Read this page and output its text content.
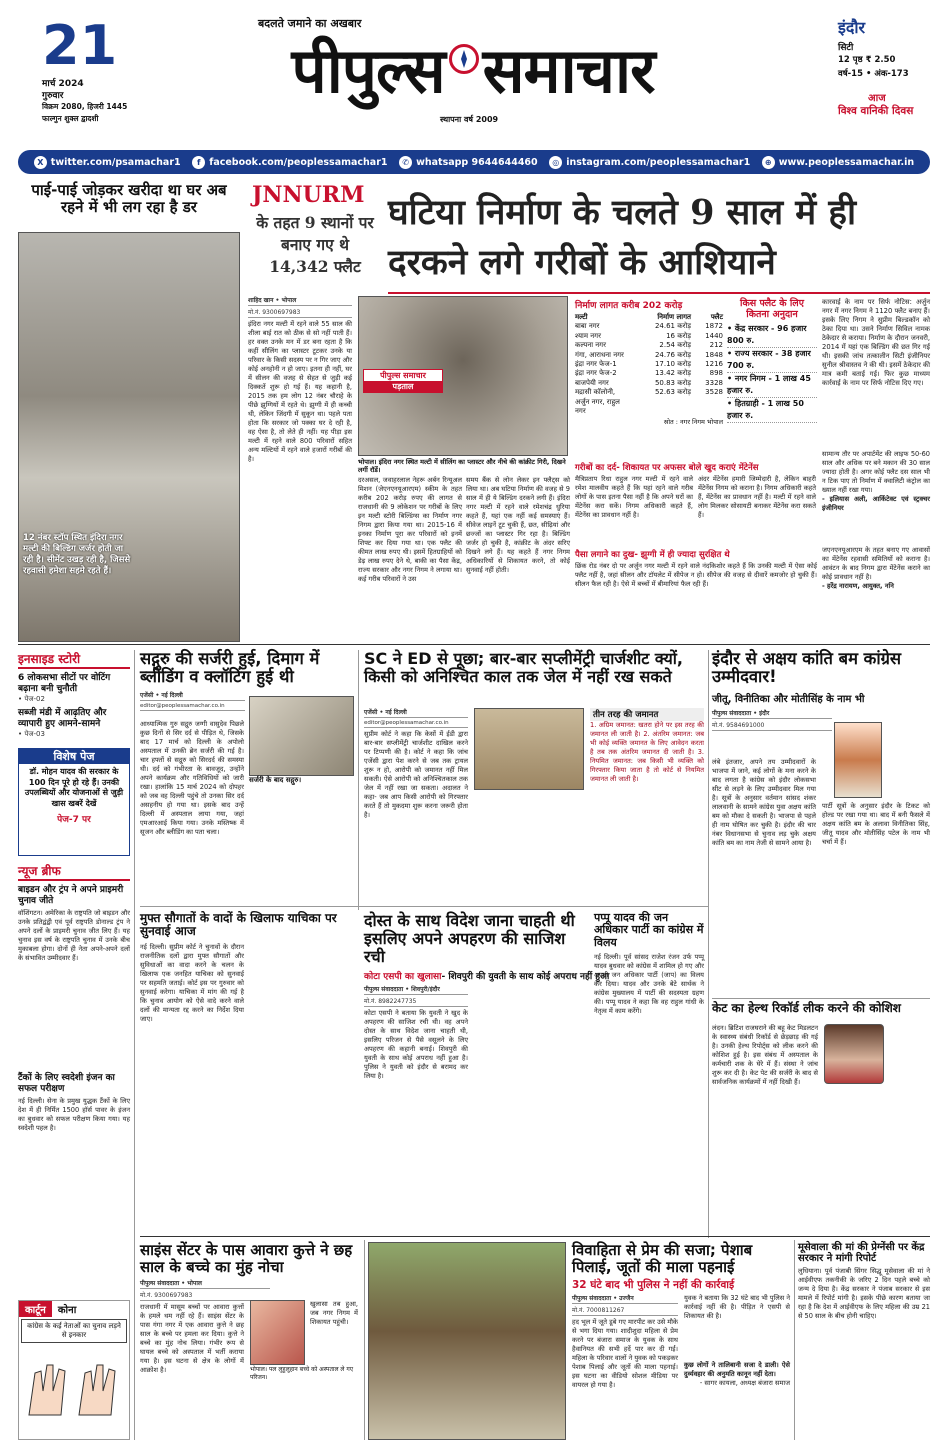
21
मार्च 2024
गुरुवार
विक्रम 2080, हिजरी 1445
फाल्गुन शुक्ल द्वादशी
बदलते जमाने का अखबार
पीपुल्स समाचार
स्थापना वर्ष 2009
इंदौर
सिटी
12 पृष्ठ ₹ 2.50
वर्ष-15 • अंक-173
आज
विश्व वानिकी दिवस
X twitter.com/psamachar1	f facebook.com/peoplessamachar1	✆ whatsapp 9644644460	◎ instagram.com/peoplessamachar1	⊕ www.peoplessamachar.in
पाई-पाई जोड़कर खरीदा था घर अब रहने में भी लग रहा है डर
12 नंबर स्टॉप स्थित इंदिरा नगर मल्टी की बिल्डिंग जर्जर होती जा रही है। सीमेंट उखड़ रही है, जिससे रहवासी हमेशा सहमे रहते हैं।
JNNURM
के तहत 9 स्थानों पर बनाए गए थे 14,342 फ्लैट
घटिया निर्माण के चलते 9 साल में ही दरकने लगे गरीबों के आशियाने
शाहिद खान • भोपाल
मो.नं. 9300697983
इंदिरा नगर मल्टी में रहने वाले 55 साल की शीला बाई रात को ठीक से सो नहीं पाती हैं। हर वक्त उनके मन में डर बना रहता है कि कहीं सीलिंग का प्लास्टर टूटकर उनके या परिवार के किसी सदस्य पर न गिर जाए और कोई अनहोनी न हो जाए। इतना ही नहीं, घर में सीलन की वजह से सेहत से जुड़ी कई दिक्कतें शुरू हो गई हैं। यह कहानी है, 2015 तक हम लोग 12 नंबर चौराहे के पीछे झुग्गियों में रहते थे। झुग्गी में ही कच्ची थी, लेकिन जिंदगी में सुकून था। पहले पता होता कि सरकार जो पक्का घर दे रही है, वह ऐसा है, तो लेते ही नहीं। यह पीड़ा इस मल्टी में रहने वाले 800 परिवारों सहित अन्य मल्टियों में रहने वाले हजारों गरीबों की है।
पीपुल्स समाचार
पड़ताल
भोपाल। इंदिरा नगर स्थित मल्टी में सीलिंग का प्लास्टर और नीचे की कांक्रीट गिरी, दिखने लगीं रॉडें।
दरअसल, जवाहरलाल नेहरू अर्बन रिन्यूअल मिशन (जेएनएनयूआरएम) स्कीम के तहत करीब 202 करोड़ रुपए की लागत से राजधानी की 9 लोकेशन पर गरीबों के लिए इन मल्टी स्टोरी बिल्डिंग्स का निर्माण नगर निगम द्वारा किया गया था। 2015-16 में इनका निर्माण पूरा कर परिवारों को इनमें शिफ्ट कर दिया गया था। एक फ्लैट की कीमत लाख रुपए थी। इसमें हितग्राहियों को डेढ़ लाख रुपए देने थे, बाकी का पैसा केंद्र, राज्य सरकार और नगर निगम ने लगाया था। कई गरीब परिवारों ने उस
समय बैंक से लोन लेकर इन फ्लैट्स को लिया था। अब घटिया निर्माण की वजह से 9 साल में ही ये बिल्डिंग दरकने लगी हैं। इंदिरा नगर मल्टी में रहने वाले रमेशचंद्र धुरिया कहते हैं, यहां एक नहीं कई समस्याएं हैं। सीवेज लाइनें टूट चुकी हैं, छत, सीढ़ियां और छज्जों का प्लास्टर गिर रहा है। बिल्डिंग जर्जर हो चुकी है, कांक्रीट के अंदर सरिए दिखने लगे हैं। यह कहते हैं नगर निगम अधिकारियों से शिकायत करने, तो कोई सुनवाई नहीं होती।
निर्माण लागत करीब 202 करोड़
मल्टी	निर्माण लागत	फ्लैट
बाबा नगर	24.61 करोड़	1872
श्याम नगर	16 करोड़	1440
कल्पना नगर	2.54 करोड़	212
गंगा, आराधना नगर	24.76 करोड़	1848
इंद्रा नगर फेज-1	17.10 करोड़	1216
इंद्रा नगर फेज-2	13.42 करोड़	898
बाजपेयी नगर	50.83 करोड़	3328
मद्रासी कॉलोनी, अर्जुन नगर, राहुल नगर
52.63 करोड़	3528
स्रोत : नगर निगम भोपाल
किस फ्लैट के लिए कितना अनुदान
• केंद्र सरकार - 96 हजार 800 रु.
• राज्य सरकार - 38 हजार 700 रु.
• नगर निगम - 1 लाख 45 हजार रु.
• हितग्राही - 1 लाख 50 हजार रु.
कारवाई के नाम पर सिर्फ नोटिस: अर्जुन नगर में नगर निगम ने 1120 फ्लैट बनाए हैं। इसके लिए निगम ने सुप्रीम बिल्डकॉन को ठेका दिया था। उसने निर्माण सिविल नामक ठेकेदार से कराया। निर्माण के दौरान जनवरी, 2014 में यहां एक बिल्डिंग की छत गिर गई थी। इसकी जांच तत्कालीन सिटी इंजीनियर सुनील श्रीवास्तव ने की थी। इसमें ठेकेदार की मात्र कमी बताई गई। फिर कुछ माध्यम कार्रवाई के नाम पर सिर्फ नोटिस दिए गए।
सामान्य तौर पर अपार्टमेंट की लाइफ 50-60 साल और अधिक पर बने मकान की 30 साल ज्यादा होती है। अगर कोई फ्लैट दस साल भी न टिक पाए तो निर्माण में क्वालिटी कंट्रोल का ख्याल नहीं रखा गया।
- इलियास अली, आर्किटेक्ट एवं स्ट्रक्चर इंजीनियर
जएनएनयूआरएम के तहत बनाए गए आवासों का मेंटेनेंस रहवासी समितियों को कराना है। आवंटन के बाद निगम द्वारा मेंटेनेंस कराने का कोई प्रावधान नहीं है।
- हरेंद्र नारायण, आयुक्त, ननि
गरीबों का दर्द- शिकायत पर अफसर बोले खुद कराएं मेंटेनेंस
मैत्रिप्रताप रिधा राहुल नगर मल्टी में रहने वाले रमेश मालवीय कहते हैं कि यहां रहने वाले गरीब लोगों के पास इतना पैसा नहीं है कि अपने घरों का मेंटेनेंस करा सकें। निगम अधिकारी कहते हैं, मेंटेनेंस का प्रावधान नहीं है।
अंदर मेंटेनेंस हमारी जिम्मेदारी है, लेकिन बाहरी मेंटेनेंस निगम को कराना है। निगम अधिकारी कहते हैं, मेंटेनेंस का प्रावधान नहीं है। मल्टी में रहने वाले लोग मिलकर सोसायटी बनाकर मेंटेनेंस करा सकते हैं।
पैसा लगाने का दुख- झुग्गी में ही ज्यादा सुरक्षित थे
छिंक रोड नंबर दो पर अर्जुन नगर मल्टी में रहने वाले नंदकिशोर कहते हैं कि उनकी मल्टी में ऐसा कोई फ्लैट नहीं है, जहां सीलन और टॉयलेट में सीपेज न हो। सीपेज की वजह से दीवारें कमजोर हो चुकी हैं। सीलन फैल रही है। ऐसे में बच्चों में बीमारियां फैल रही हैं।
इनसाइड स्टोरी
6 लोकसभा सीटों पर वोटिंग बढ़ाना बनी चुनौती
• पेज-02
सब्जी मंडी में आढ़तिए और व्यापारी हुए आमने-सामने
• पेज-03
विशेष पेज
डॉ. मोहन यादव की सरकार के 100 दिन पूरे हो रहे हैं। उनकी उपलब्धियों और योजनाओं से जुड़ी खास खबरें देखें
पेज-7 पर
न्यूज ब्रीफ
बाइडन और ट्रंप ने अपने प्राइमरी चुनाव जीते
वॉशिंगटन। अमेरिका के राष्ट्रपति जो बाइडन और उनके प्रतिद्वंद्वी एवं पूर्व राष्ट्रपति डोनाल्ड ट्रंप ने अपने दलों के प्राइमरी चुनाव जीत लिए हैं। यह चुनाव इस वर्ष के राष्ट्रपति चुनाव में उनके बीच मुकाबला होगा। दोनों ही नेता अपने-अपने दलों के संभावित उम्मीदवार हैं।
टैंकों के लिए स्वदेशी इंजन का सफल परीक्षण
नई दिल्ली। सेना के प्रमुख युद्धक टैंकों के लिए देश में ही निर्मित 1500 हॉर्स पावर के इंजन का बुधवार को सफल परीक्षण किया गया। यह स्वदेशी पहल है।
कार्टून	कोना
कांग्रेस के कई नेताओं का चुनाव लड़ने से इनकार
सद्गुरु की सर्जरी हुई, दिमाग में ब्लीडिंग व क्लॉटिंग हुई थी
एजेंसी • नई दिल्ली
editor@peoplessamachar.co.in
सर्जरी के बाद सद्गुरु।
आध्यात्मिक गुरु सद्गुरु जग्गी वासुदेव पिछले कुछ दिनों से सिर दर्द से पीड़ित थे, जिसके बाद 17 मार्च को दिल्ली के अपोलो अस्पताल में उनकी ब्रेन सर्जरी की गई है। चार हफ्तों से सद्गुरु को सिरदर्द की समस्या थी। दर्द को गंभीरता के बावजूद, उन्होंने अपने कार्यक्रम और गतिविधियों को जारी रखा। हालांकि 15 मार्च 2024 को दोपहर को जब वह दिल्ली पहुंचे तो उनका सिर दर्द असहनीय हो गया था। इसके बाद उन्हें दिल्ली में अस्पताल लाया गया, जहां एमआरआई किया गया। उनके मस्तिष्क में सूजन और ब्लीडिंग का पता चला।
SC ने ED से पूछा; बार-बार सप्लीमेंट्री चार्जशीट क्यों, किसी को अनिश्चित काल तक जेल में नहीं रख सकते
एजेंसी • नई दिल्ली
editor@peoplessamachar.co.in
सुप्रीम कोर्ट ने कहा कि केसों में ईडी द्वारा बार-बार सप्लीमेंट्री चार्जशीट दाखिल करने पर टिप्पणी की है। कोर्ट ने कहा कि जांच एजेंसी द्वारा पेश करने से जब तक ट्रायल शुरू न हो, आरोपी को जमानत नहीं मिल सकती। ऐसे आरोपी को अनिश्चितकाल तक जेल में नहीं रखा जा सकता। अदालत ने कहा- जब आप किसी आरोपी को गिरफ्तार करते हैं तो मुकदमा शुरू करना जरूरी होता है।
तीन तरह की जमानत
1. अग्रिम जमानत: खतरा होने पर इस तरह की जमानत ली जाती है। 2. अंतरिम जमानत: जब भी कोई व्यक्ति जमानत के लिए आवेदन करता है तब तक अंतरिम जमानत दी जाती है। 3. नियमित जमानत: जब किसी भी व्यक्ति को गिरफ्तार किया जाता है तो कोर्ट से नियमित जमानत ली जाती है।
इंदौर से अक्षय कांति बम कांग्रेस उम्मीदवार!
जीतू, विनीतिका और मोतीसिंह के नाम भी
पीपुल्स संवाददाता • इंदौर
मो.नं. 9584691000
लंबे इंतजार, अपने तय उम्मीदवारों के भाजपा में जाने, कई लोगों के मना करने के बाद लगता है कांग्रेस को इंदौर लोकसभा सीट से लड़ने के लिए उम्मीदवार मिल गया है। सूत्रों के अनुसार वर्तमान सांसद शंकर लालवानी के सामने कांग्रेस युवा अक्षय कांति बम को मौका दे सकती है। भाजपा से पहले ही नाम घोषित कर चुकी है। इंदौर की चार नंबर विधानसभा से चुनाव लड़ चुके अक्षय कांति बम का नाम तेजी से सामने आया है।
पार्टी सूत्रों के अनुसार इंदौर के टिकट को होल्ड पर रखा गया था। बाद में बनी फैसले में अक्षय कांति बम के अलावा विनीतिका सिंह, जीतू यादव और मोतीसिंह पटेल के नाम भी चर्चा में हैं।
मुफ्त सौगातों के वादों के खिलाफ याचिका पर सुनवाई आज
नई दिल्ली। सुप्रीम कोर्ट ने चुनावों के दौरान राजनीतिक दलों द्वारा मुफ्त सौगातों और सुविधाओं का वादा करने के चलन के खिलाफ एक जनहित याचिका को सुनवाई पर सहमति जताई। कोर्ट इस पर गुरुवार को सुनवाई करेगा। याचिका में मांग की गई है कि चुनाव आयोग को ऐसे वादे करने वाले दलों की मान्यता रद्द करने का निर्देश दिया जाए।
दोस्त के साथ विदेश जाना चाहती थी इसलिए अपने अपहरण की साजिश रची
कोटा एसपी का खुलासा- शिवपुरी की युवती के साथ कोई अपराध नहीं हुआ
पीपुल्स संवाददाता • शिवपुरी/इंदौर
मो.नं. 8982247735
कोटा एसपी ने बताया कि युवती ने खुद के अपहरण की साजिश रची थी। वह अपने दोस्त के साथ विदेश जाना चाहती थी, इसलिए परिजन से पैसे वसूलने के लिए अपहरण की कहानी बनाई। शिवपुरी की युवती के साथ कोई अपराध नहीं हुआ है। पुलिस ने युवती को इंदौर से बरामद कर लिया है।
पप्पू यादव की जन अधिकार पार्टी का कांग्रेस में विलय
नई दिल्ली। पूर्व सांसद राजेश रंजन उर्फ पप्पू यादव बुधवार को कांग्रेस में शामिल हो गए और अपनी जन अधिकार पार्टी (जाप) का विलय कर दिया। यादव और उनके बेटे सार्थक ने कांग्रेस मुख्यालय में पार्टी की सदस्यता ग्रहण की। पप्पू यादव ने कहा कि वह राहुल गांधी के नेतृत्व में काम करेंगे।	केट का हेल्थ रिकॉर्ड लीक करने की कोशिश
लंदन। ब्रिटिश राजघराने की बहू केट मिडलटन के स्वास्थ्य संबंधी रिकॉर्ड से छेड़छाड़ की गई है। उनकी हेल्थ रिपोर्ट्स को लीक करने की कोशिश हुई है। इस संबंध में अस्पताल के कर्मचारी शक के घेरे में हैं। संस्था ने जांच शुरू कर दी है। केट पेट की सर्जरी के बाद से सार्वजनिक कार्यक्रमों में नहीं दिखी हैं।
साइंस सेंटर के पास आवारा कुत्ते ने छह साल के बच्चे का मुंह नोचा
पीपुल्स संवाददाता • भोपाल
मो.नं. 9300697983
राजधानी में मासूम बच्चों पर आवारा कुत्तों के हमले थम नहीं रहे हैं। साइंस सेंटर के पास गंगा नगर में एक आवारा कुत्ते ने छह साल के बच्चे पर हमला कर दिया। कुत्ते ने बच्चे का मुंह नोच लिया। गंभीर रूप से घायल बच्चे को अस्पताल में भर्ती कराया गया है। इस घटना से क्षेत्र के लोगों में आक्रोश है।	भोपाल। पल लुहुलुहान बच्चे को अस्पताल ले गए परिजन।
खुलासा तब हुआ, जब नगर निगम में शिकायत पहुंची।
विवाहिता से प्रेम की सजा; पेशाब पिलाई, जूतों की माला पहनाई
32 घंटे बाद भी पुलिस ने नहीं की कार्रवाई
पीपुल्स संवाददाता • उज्जैन
मो.नं. 7000811267
हद भूल में जूते डूबे गए मारपीट कर उसे मौके से भगा दिया गया। शादीशुदा महिला से प्रेम करने पर बंजारा समाज के युवक के साथ हैवानियत की सभी हदें पार कर दी गईं। महिला के परिवार वालों ने युवक को पकड़कर पेशाब पिलाई और जूतों की माला पहनाई। इस घटना का वीडियो सोशल मीडिया पर वायरल हो गया है।
युवक ने बताया कि 32 घंटे बाद भी पुलिस ने कार्रवाई नहीं की है। पीड़ित ने एसपी से शिकायत की है।
कुछ लोगों ने तालिबानी सजा दे डाली। ऐसे दुर्व्यवहार की अनुमति कानून नहीं देता।
- सागर कायला, अध्यक्ष बंजारा समाज
मूसेवाला की मां की प्रेग्नेंसी पर केंद्र सरकार ने मांगी रिपोर्ट
लुधियाना। पूर्व पंजाबी सिंगर सिद्धू मूसेवाला की मां ने आईवीएफ तकनीकी के जरिए 2 दिन पहले बच्चे को जन्म दे दिया है। केंद्र सरकार ने पंजाब सरकार से इस मामले में रिपोर्ट मांगी है। इसके पीछे कारण बताया जा रहा है कि देश में आईवीएफ के लिए महिला की उम्र 21 से 50 साल के बीच होनी चाहिए।
